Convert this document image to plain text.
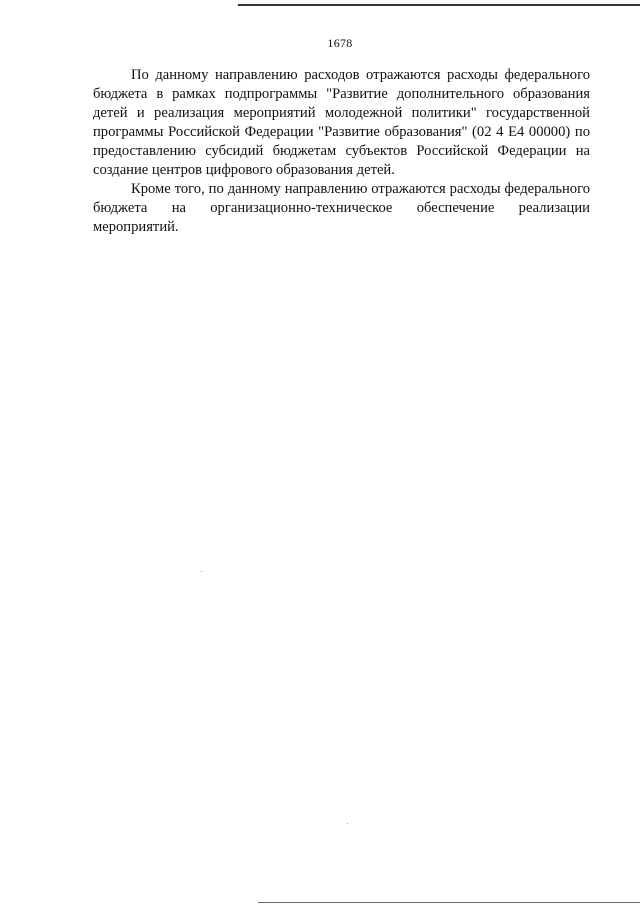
1678

По данному направлению расходов отражаются расходы федерального бюджета в рамках подпрограммы "Развитие дополнительного образования детей и реализация мероприятий молодежной политики" государственной программы Российской Федерации "Развитие образования" (02 4 Е4 00000) по предоставлению субсидий бюджетам субъектов Российской Федерации на создание центров цифрового образования детей.

Кроме того, по данному направлению отражаются расходы федерального бюджета на организационно-техническое обеспечение реализации мероприятий.
